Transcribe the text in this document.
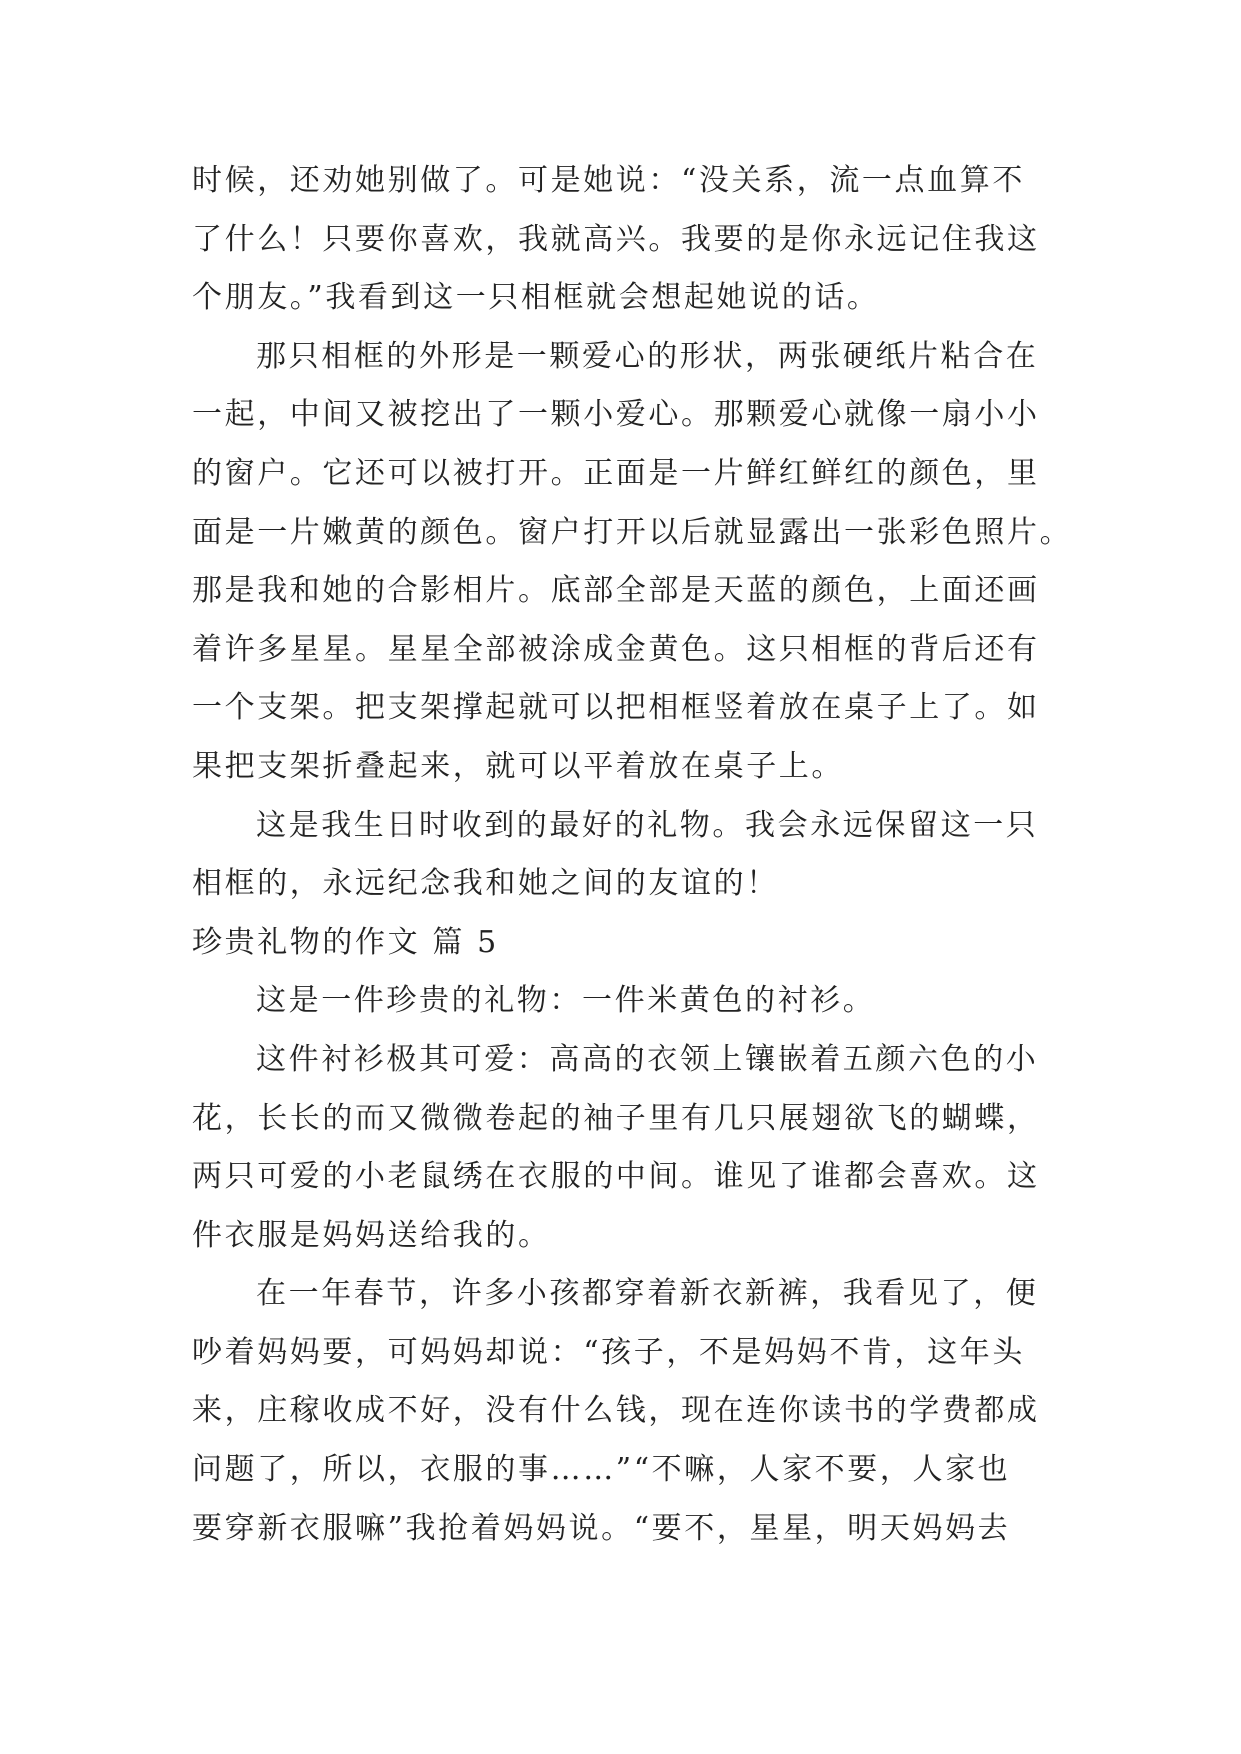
时候，还劝她别做了。可是她说：“没关系，流一点血算不
了什么！只要你喜欢，我就高兴。我要的是你永远记住我这
个朋友。”我看到这一只相框就会想起她说的话。
那只相框的外形是一颗爱心的形状，两张硬纸片粘合在
一起，中间又被挖出了一颗小爱心。那颗爱心就像一扇小小
的窗户。它还可以被打开。正面是一片鲜红鲜红的颜色，里
面是一片嫩黄的颜色。窗户打开以后就显露出一张彩色照片。
那是我和她的合影相片。底部全部是天蓝的颜色，上面还画
着许多星星。星星全部被涂成金黄色。这只相框的背后还有
一个支架。把支架撑起就可以把相框竖着放在桌子上了。如
果把支架折叠起来，就可以平着放在桌子上。
这是我生日时收到的最好的礼物。我会永远保留这一只
相框的，永远纪念我和她之间的友谊的！
珍贵礼物的作文 篇 5
这是一件珍贵的礼物：一件米黄色的衬衫。
这件衬衫极其可爱：高高的衣领上镶嵌着五颜六色的小
花，长长的而又微微卷起的袖子里有几只展翅欲飞的蝴蝶，
两只可爱的小老鼠绣在衣服的中间。谁见了谁都会喜欢。这
件衣服是妈妈送给我的。
在一年春节，许多小孩都穿着新衣新裤，我看见了，便
吵着妈妈要，可妈妈却说：“孩子，不是妈妈不肯，这年头
来，庄稼收成不好，没有什么钱，现在连你读书的学费都成
问题了，所以，衣服的事……”“不嘛，人家不要，人家也
要穿新衣服嘛”我抢着妈妈说。“要不，星星，明天妈妈去
